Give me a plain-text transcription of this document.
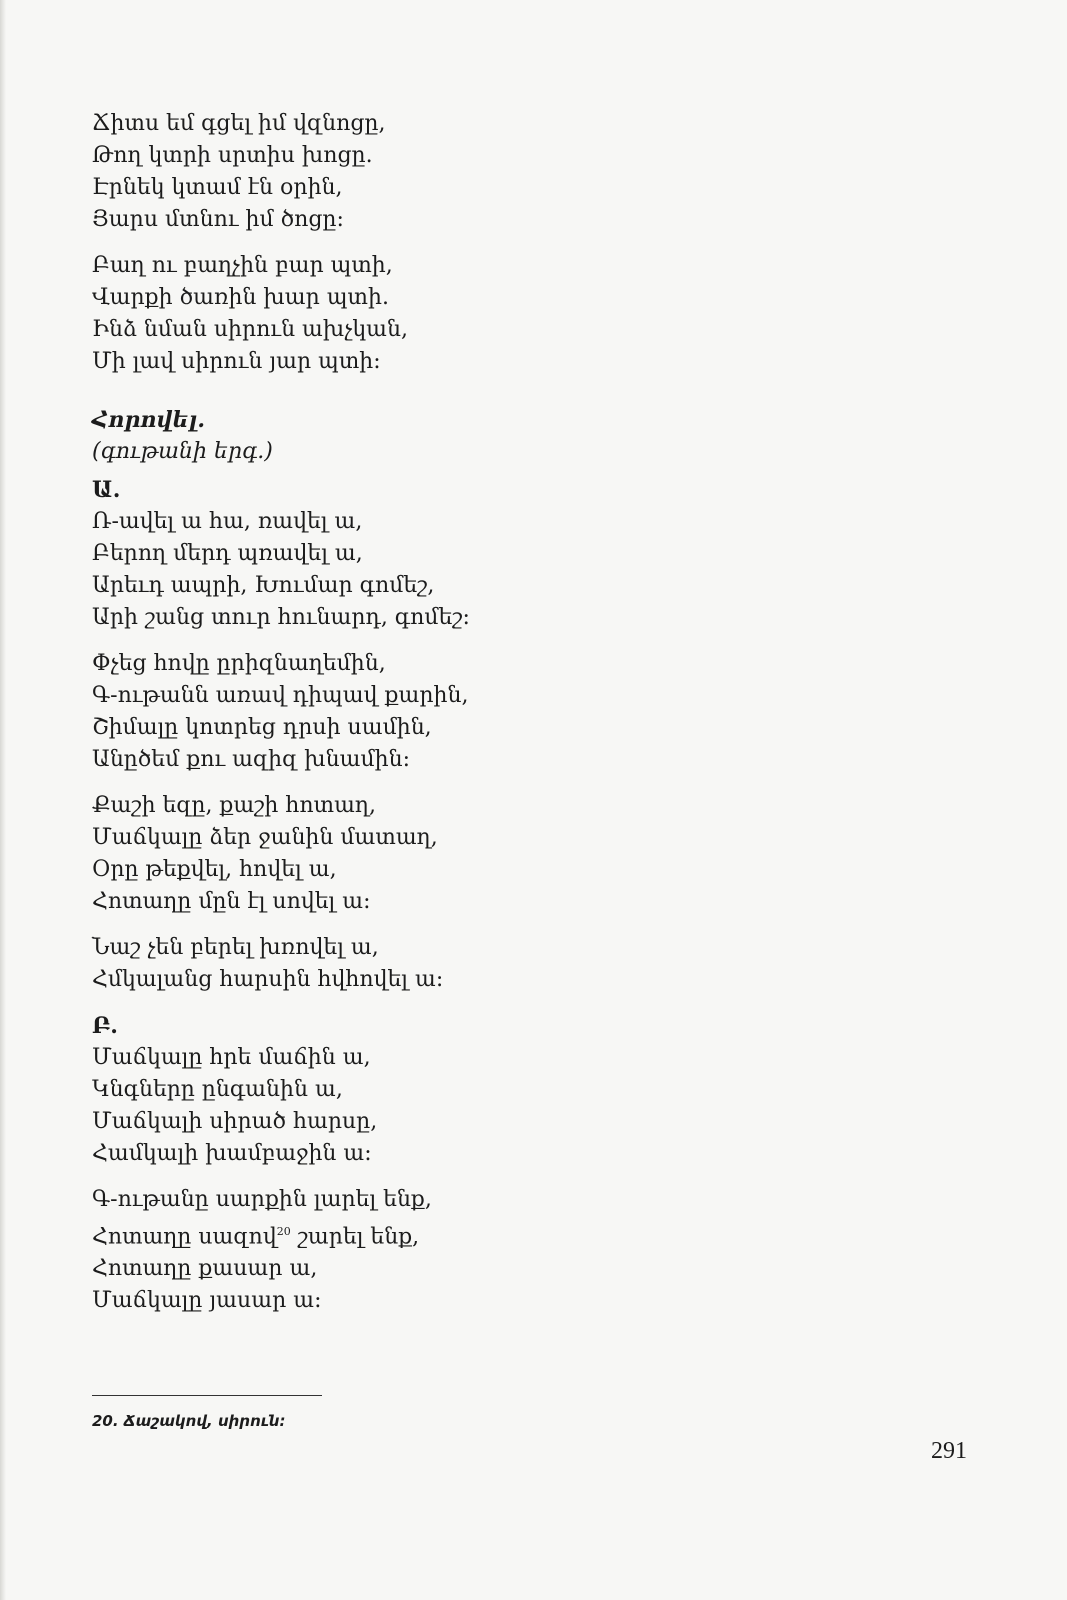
Ճիտս եմ գցել իմ վզնոցը,
Թող կտրի սրտիս խոցը.
Էրնեկ կտամ էն օրին,
Յարս մտնու իմ ծոցը:
Բաղ ու բաղչին բար պտի,
Վարքի ծառին խար պտի.
Ինձ նման սիրուն ախչկան,
Մի լավ սիրուն յար պտի:
Հորովել.
(գութանի երգ.)
Ա.
Ռ-ավել ա հա, ռավել ա,
Բերող մերդ պռավել ա,
Արեւդ ապրի, Խումար գոմեշ,
Արի շանց տուր հունարդ, գոմեշ:
Փչեց հովը ըրիզնաղեմին,
Գ-ութանն առավ դիպավ քարին,
Շիմալը կոտրեց դրսի սամին,
Անըծեմ քու ազիզ խնամին:
Քաշի եզը, քաշի հոտաղ,
Մաճկալը ձեր ջանին մատաղ,
Օրը թեքվել, հովել ա,
Հոտաղը մըն էլ սովել ա:
Նաշ չեն բերել խռովել ա,
Հմկալանց հարսին հվհովել ա:
Բ.
Մաճկալը հրե մաճին ա,
Կնգները ընգանին ա,
Մաճկալի սիրած հարսը,
Համկալի խամբաջին ա:
Գ-ութանը սարքին լարել ենք,
Հոտաղը սազով$^{20}$ շարել ենք,
Հոտաղը քասար ա,
Մաճկալը յասար ա:
20. Ճաշակով, սիրուն:
291
